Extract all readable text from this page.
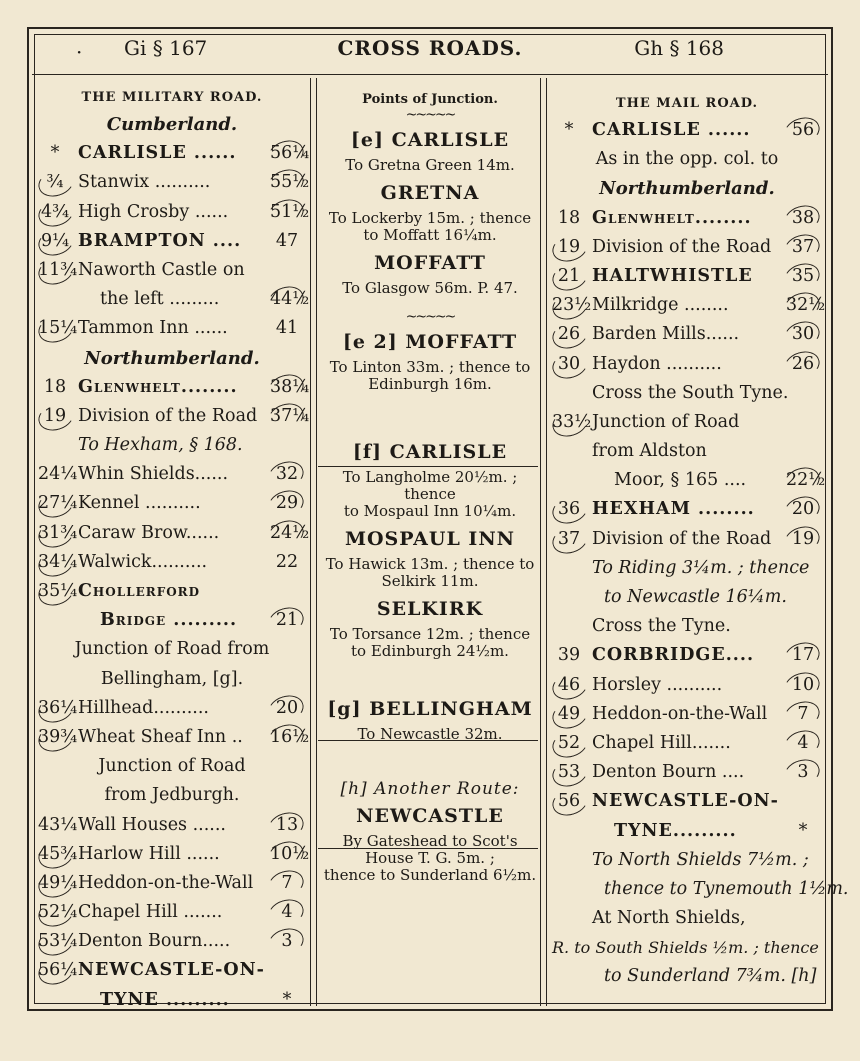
· Gi § 167	CROSS ROADS.	Gh § 168
THE MILITARY ROAD.
Cumberland.
*	CARLISLE ...... 56¼
¾ Stanwix ..........	55½
4¾ High Crosby ...... 51½
9¼ BRAMPTON ....	47
11¾ Naworth Castle on
the left .........	44½
15¼ Tammon Inn ......	41
Northumberland.
18 Glenwhelt........ 38¼
19 Division of the Road 37¼
To Hexham, § 168.
24¼ Whin Shields......	32
27¼ Kennel ..........	29
31¾ Caraw Brow......	24½
34¼ Walwick..........	22
35¼ Chollerford
Bridge .........	21
Junction of Road from
Bellingham, [g].
36¼ Hillhead..........	20
39¾ Wheat Sheaf Inn .. 16½
Junction of Road
from Jedburgh.
43¼ Wall Houses ......	13
45¾ Harlow Hill ......	10½
49¼ Heddon-on-the-Wall	7
52¼ Chapel Hill .......	4
53¼ Denton Bourn.....	3
56¼ NEWCASTLE-ON-
TYNE .........	*
Points of Junction.
~~~~~
[e] CARLISLE
To Gretna Green 14m.
GRETNA
To Lockerby 15m. ; thence
to Moffatt 16¼m.
MOFFATT
To Glasgow 56m. P. 47.
~~~~~
[e 2] MOFFATT
To Linton 33m. ; thence to
Edinburgh 16m.
[f] CARLISLE
To Langholme 20½m. ; thence
to Mospaul Inn 10¼m.
MOSPAUL INN
To Hawick 13m. ; thence to
Selkirk 11m.
SELKIRK
To Torsance 12m. ; thence
to Edinburgh 24½m.
[g] BELLINGHAM
To Newcastle 32m.
[h] Another Route:
NEWCASTLE
By Gateshead to Scot's
House T. G. 5m. ;
thence to Sunderland 6½m.
THE MAIL ROAD.
*	CARLISLE ......	56
As in the opp. col. to
Northumberland.
18 Glenwhelt........	38
19 Division of the Road	37
21 HALTWHISTLE	35
23½ Milkridge ........	32½
26 Barden Mills......	30
30 Haydon ..........	26
Cross the South Tyne.
33½ Junction of Road
from Aldston
Moor, § 165 .... 22½
36 HEXHAM ........	20
37 Division of the Road	19
To Riding 3¼m. ; thence
to Newcastle 16¼m.
Cross the Tyne.
39 CORBRIDGE....	17
46 Horsley ..........	10
49 Heddon-on-the-Wall	7
52 Chapel Hill.......	4
53 Denton Bourn ....	3
56 NEWCASTLE-ON-
TYNE.........	*
To North Shields 7½m. ;
thence to Tynemouth 1½m.
At North Shields,
R. to South Shields ½m. ; thence
to Sunderland 7¾m. [h]
